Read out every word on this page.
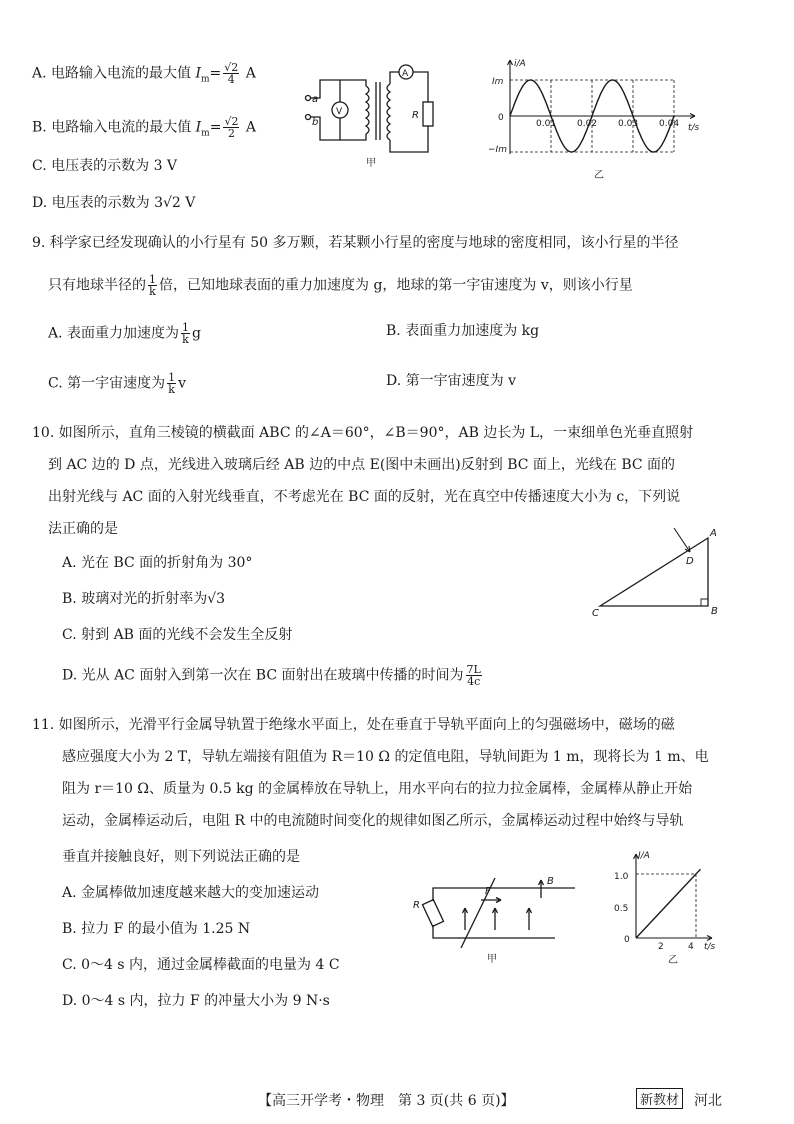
A. 电路输入电流的最大值 $I_m= \frac{√2}{4}$ A
B. 电路输入电流的最大值 $I_m= \frac{√2}{2}$ A
C. 电压表的示数为 3 V
D. 电压表的示数为 3√2 V
a
b
V
A
R
甲
i/A
Im
0
−Im
t/s
0.01 0.02 0.03 0.04
乙
9. 科学家已经发现确认的小行星有 50 多万颗，若某颗小行星的密度与地球的密度相同，该小行星的半径
只有地球半径的 $\frac{1}{k}$ 倍，已知地球表面的重力加速度为 g，地球的第一宇宙速度为 v，则该小行星
A. 表面重力加速度为 $\frac{1}{k}$ g	B. 表面重力加速度为 kg
C. 第一宇宙速度为 $\frac{1}{k}$ v	D. 第一宇宙速度为 v
10. 如图所示，直角三棱镜的横截面 ABC 的∠A＝60°，∠B＝90°，AB 边长为 L，一束细单色光垂直照射
到 AC 边的 D 点，光线进入玻璃后经 AB 边的中点 E(图中未画出)反射到 BC 面上，光线在 BC 面的
出射光线与 AC 面的入射光线垂直，不考虑光在 BC 面的反射，光在真空中传播速度大小为 c，下列说
法正确的是
A. 光在 BC 面的折射角为 30°
B. 玻璃对光的折射率为√3
C. 射到 AB 面的光线不会发生全反射
D. 光从 AC 面射入到第一次在 BC 面射出在玻璃中传播的时间为 $\frac{7L}{4c}$
A
B
C
D
11. 如图所示，光滑平行金属导轨置于绝缘水平面上，处在垂直于导轨平面向上的匀强磁场中，磁场的磁
感应强度大小为 2 T，导轨左端接有阻值为 R＝10 Ω 的定值电阻，导轨间距为 1 m，现将长为 1 m、电
阻为 r＝10 Ω、质量为 0.5 kg 的金属棒放在导轨上，用水平向右的拉力拉金属棒，金属棒从静止开始
运动，金属棒运动后，电阻 R 中的电流随时间变化的规律如图乙所示，金属棒运动过程中始终与导轨
垂直并接触良好，则下列说法正确的是
A. 金属棒做加速度越来越大的变加速运动
B. 拉力 F 的最小值为 1.25 N
C. 0～4 s 内，通过金属棒截面的电量为 4 C
D. 0～4 s 内，拉力 F 的冲量大小为 9 N·s
R
F
B
甲
I/A
1.0
0.5
0
2	4 t/s
乙
【高三开学考・物理　第 3 页(共 6 页)】	新教材 河北
